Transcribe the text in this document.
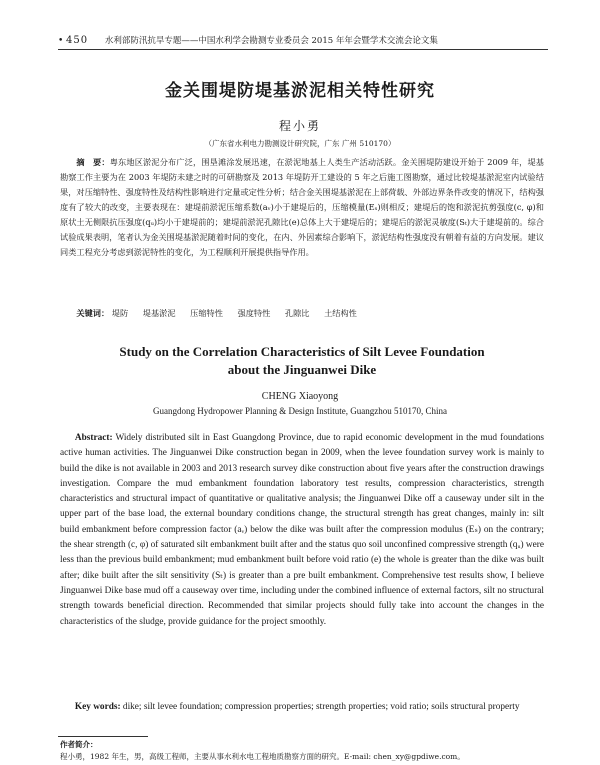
• 450 水利部防汛抗旱专题——中国水利学会勘测专业委员会 2015 年年会暨学术交流会论文集
金关围堤防堤基淤泥相关特性研究
程小勇
（广东省水利电力勘测设计研究院，广东 广州 510170）
摘　要：粤东地区淤泥分布广泛，围垦滩涂发展迅速，在淤泥地基上人类生产活动活跃。金关围堤防建设开始于 2009 年，堤基勘察工作主要为在 2003 年堤防未建之时的可研勘察及 2013 年堤防开工建设的 5 年之后施工图勘察，通过比较堤基淤泥室内试验结果，对压缩特性、强度特性及结构性影响进行定量或定性分析；结合金关围堤基淤泥在上部荷载、外部边界条件改变的情况下，结构强度有了较大的改变，主要表现在：建堤前淤泥压缩系数(aᵥ)小于建堤后的，压缩模量(Eₛ)则相反；建堤后的饱和淤泥抗剪强度(c, φ)和原状土无侧限抗压强度(qᵤ)均小于建堤前的；建堤前淤泥孔隙比(e)总体上大于建堤后的；建堤后的淤泥灵敏度(Sₜ)大于建堤前的。综合试验成果表明，笔者认为金关围堤基淤泥随着时间的变化，在内、外因素综合影响下，淤泥结构性强度没有朝着有益的方向发展。建议同类工程充分考虑到淤泥特性的变化，为工程顺利开展提供指导作用。
关键词： 堤防 堤基淤泥 压缩特性 强度特性 孔隙比 土结构性
Study on the Correlation Characteristics of Silt Levee Foundation
about the Jinguanwei Dike
CHENG Xiaoyong
Guangdong Hydropower Planning & Design Institute, Guangzhou 510170, China
Abstract: Widely distributed silt in East Guangdong Province, due to rapid economic development in the mud foundations active human activities. The Jinguanwei Dike construction began in 2009, when the levee foundation survey work is mainly to build the dike is not available in 2003 and 2013 research survey dike construction about five years after the construction drawings investigation. Compare the mud embankment foundation laboratory test results, compression characteristics, strength characteristics and structural impact of quantitative or qualitative analysis; the Jinguanwei Dike off a causeway under silt in the upper part of the base load, the external boundary conditions change, the structural strength has great changes, mainly in: silt build embankment before compression factor (aᵥ) below the dike was built after the compression modulus (Eₛ) on the contrary; the shear strength (c, φ) of saturated silt embankment built after and the status quo soil unconfined compressive strength (qᵤ) were less than the previous build embankment; mud embankment built before void ratio (e) the whole is greater than the dike was built after; dike built after the silt sensitivity (Sₜ) is greater than a pre built embankment. Comprehensive test results show, I believe Jinguanwei Dike base mud off a causeway over time, including under the combined influence of external factors, silt no structural strength towards beneficial direction. Recommended that similar projects should fully take into account the changes in the characteristics of the sludge, provide guidance for the project smoothly.
Key words: dike; silt levee foundation; compression properties; strength properties; void ratio; soils structural property
作者简介：
程小勇，1982 年生，男，高级工程师，主要从事水利水电工程地质勘察方面的研究。E-mail: chen_xy@gpdiwe.com。
